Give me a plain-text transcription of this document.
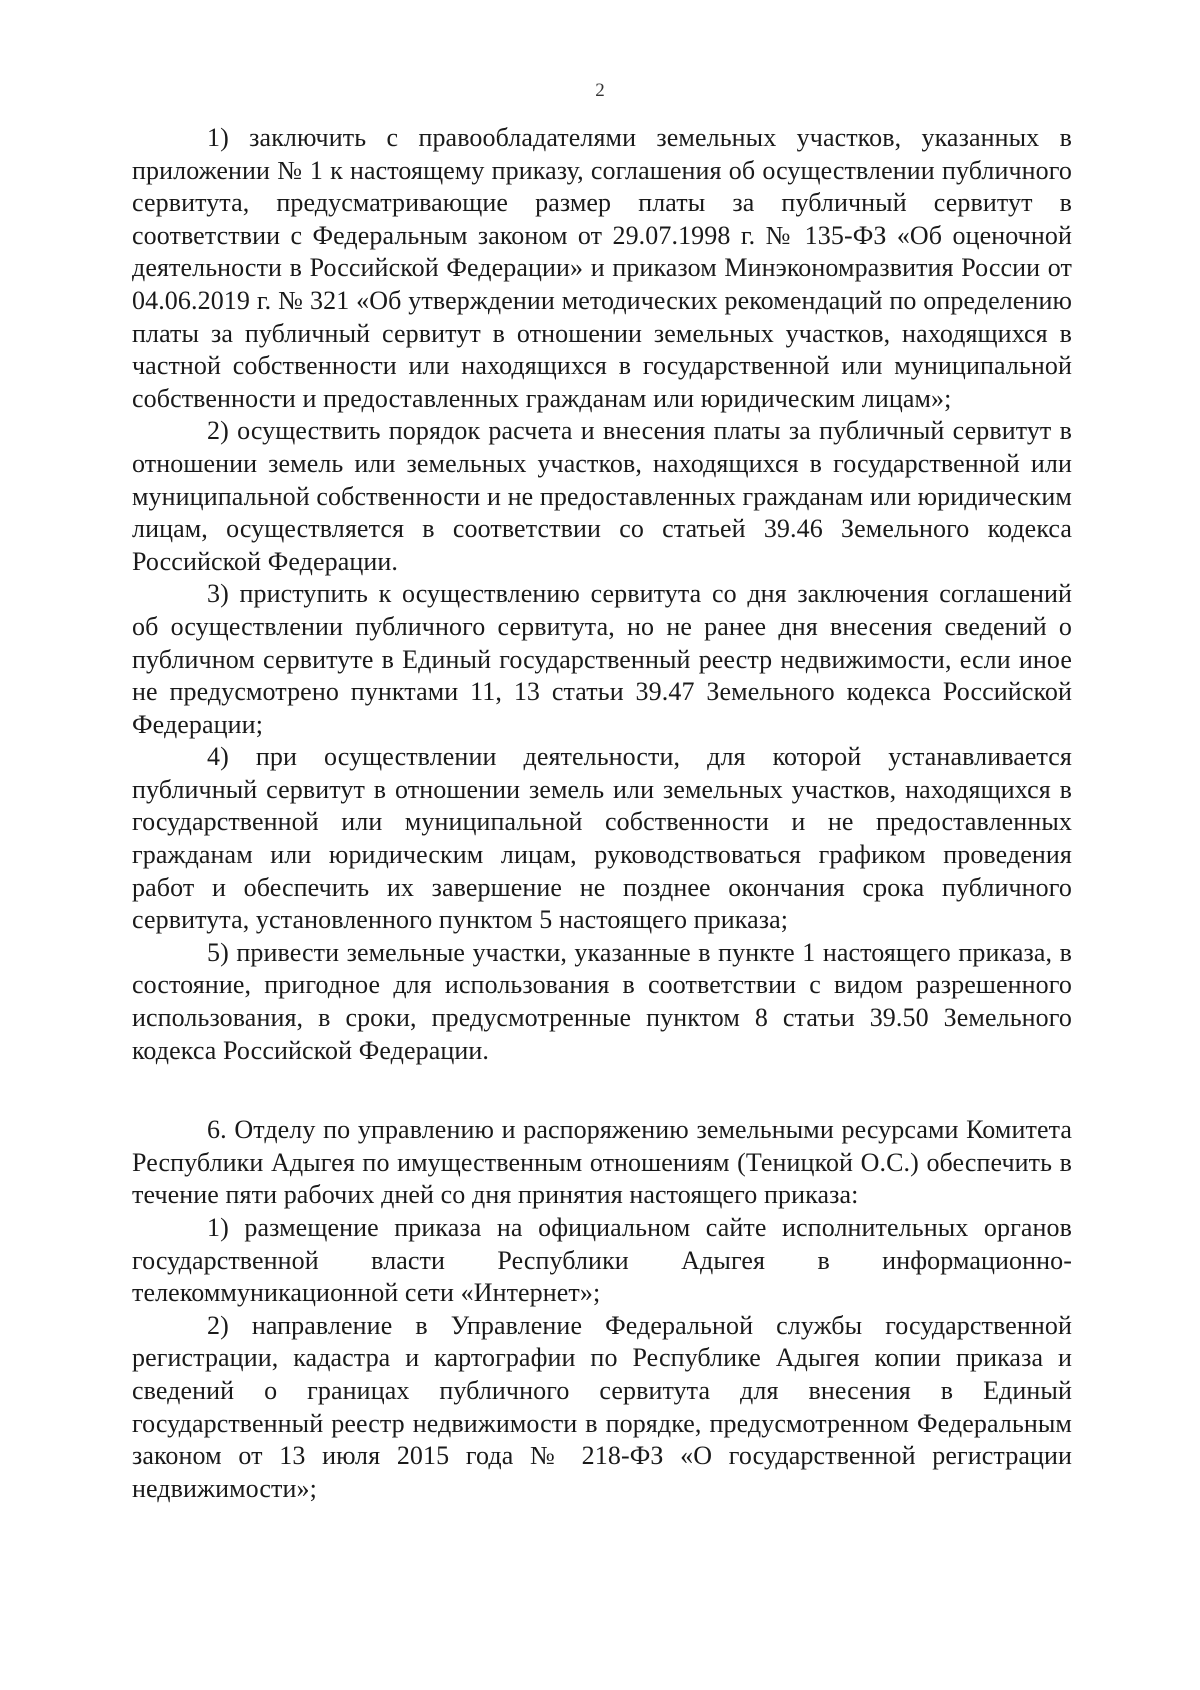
2

1) заключить с правообладателями земельных участков, указанных в приложении № 1 к настоящему приказу, соглашения об осуществлении публичного сервитута, предусматривающие размер платы за публичный сервитут в соответствии с Федеральным законом от 29.07.1998 г. № 135-ФЗ «Об оценочной деятельности в Российской Федерации» и приказом Минэкономразвития России от 04.06.2019 г. № 321 «Об утверждении методических рекомендаций по определению платы за публичный сервитут в отношении земельных участков, находящихся в частной собственности или находящихся в государственной или муниципальной собственности и предоставленных гражданам или юридическим лицам»;

2) осуществить порядок расчета и внесения платы за публичный сервитут в отношении земель или земельных участков, находящихся в государственной или муниципальной собственности и не предоставленных гражданам или юридическим лицам, осуществляется в соответствии со статьей 39.46 Земельного кодекса Российской Федерации.

3) приступить к осуществлению сервитута со дня заключения соглашений об осуществлении публичного сервитута, но не ранее дня внесения сведений о публичном сервитуте в Единый государственный реестр недвижимости, если иное не предусмотрено пунктами 11, 13 статьи 39.47 Земельного кодекса Российской Федерации;

4) при осуществлении деятельности, для которой устанавливается публичный сервитут в отношении земель или земельных участков, находящихся в государственной или муниципальной собственности и не предоставленных гражданам или юридическим лицам, руководствоваться графиком проведения работ и обеспечить их завершение не позднее окончания срока публичного сервитута, установленного пунктом 5 настоящего приказа;

5) привести земельные участки, указанные в пункте 1 настоящего приказа, в состояние, пригодное для использования в соответствии с видом разрешенного использования, в сроки, предусмотренные пунктом 8 статьи 39.50 Земельного кодекса Российской Федерации.

6. Отделу по управлению и распоряжению земельными ресурсами Комитета Республики Адыгея по имущественным отношениям (Теницкой О.С.) обеспечить в течение пяти рабочих дней со дня принятия настоящего приказа:

1) размещение приказа на официальном сайте исполнительных органов государственной власти Республики Адыгея в информационно-телекоммуникационной сети «Интернет»;

2) направление в Управление Федеральной службы государственной регистрации, кадастра и картографии по Республике Адыгея копии приказа и сведений о границах публичного сервитута для внесения в Единый государственный реестр недвижимости в порядке, предусмотренном Федеральным законом от 13 июля 2015 года № 218-ФЗ «О государственной регистрации недвижимости»;
